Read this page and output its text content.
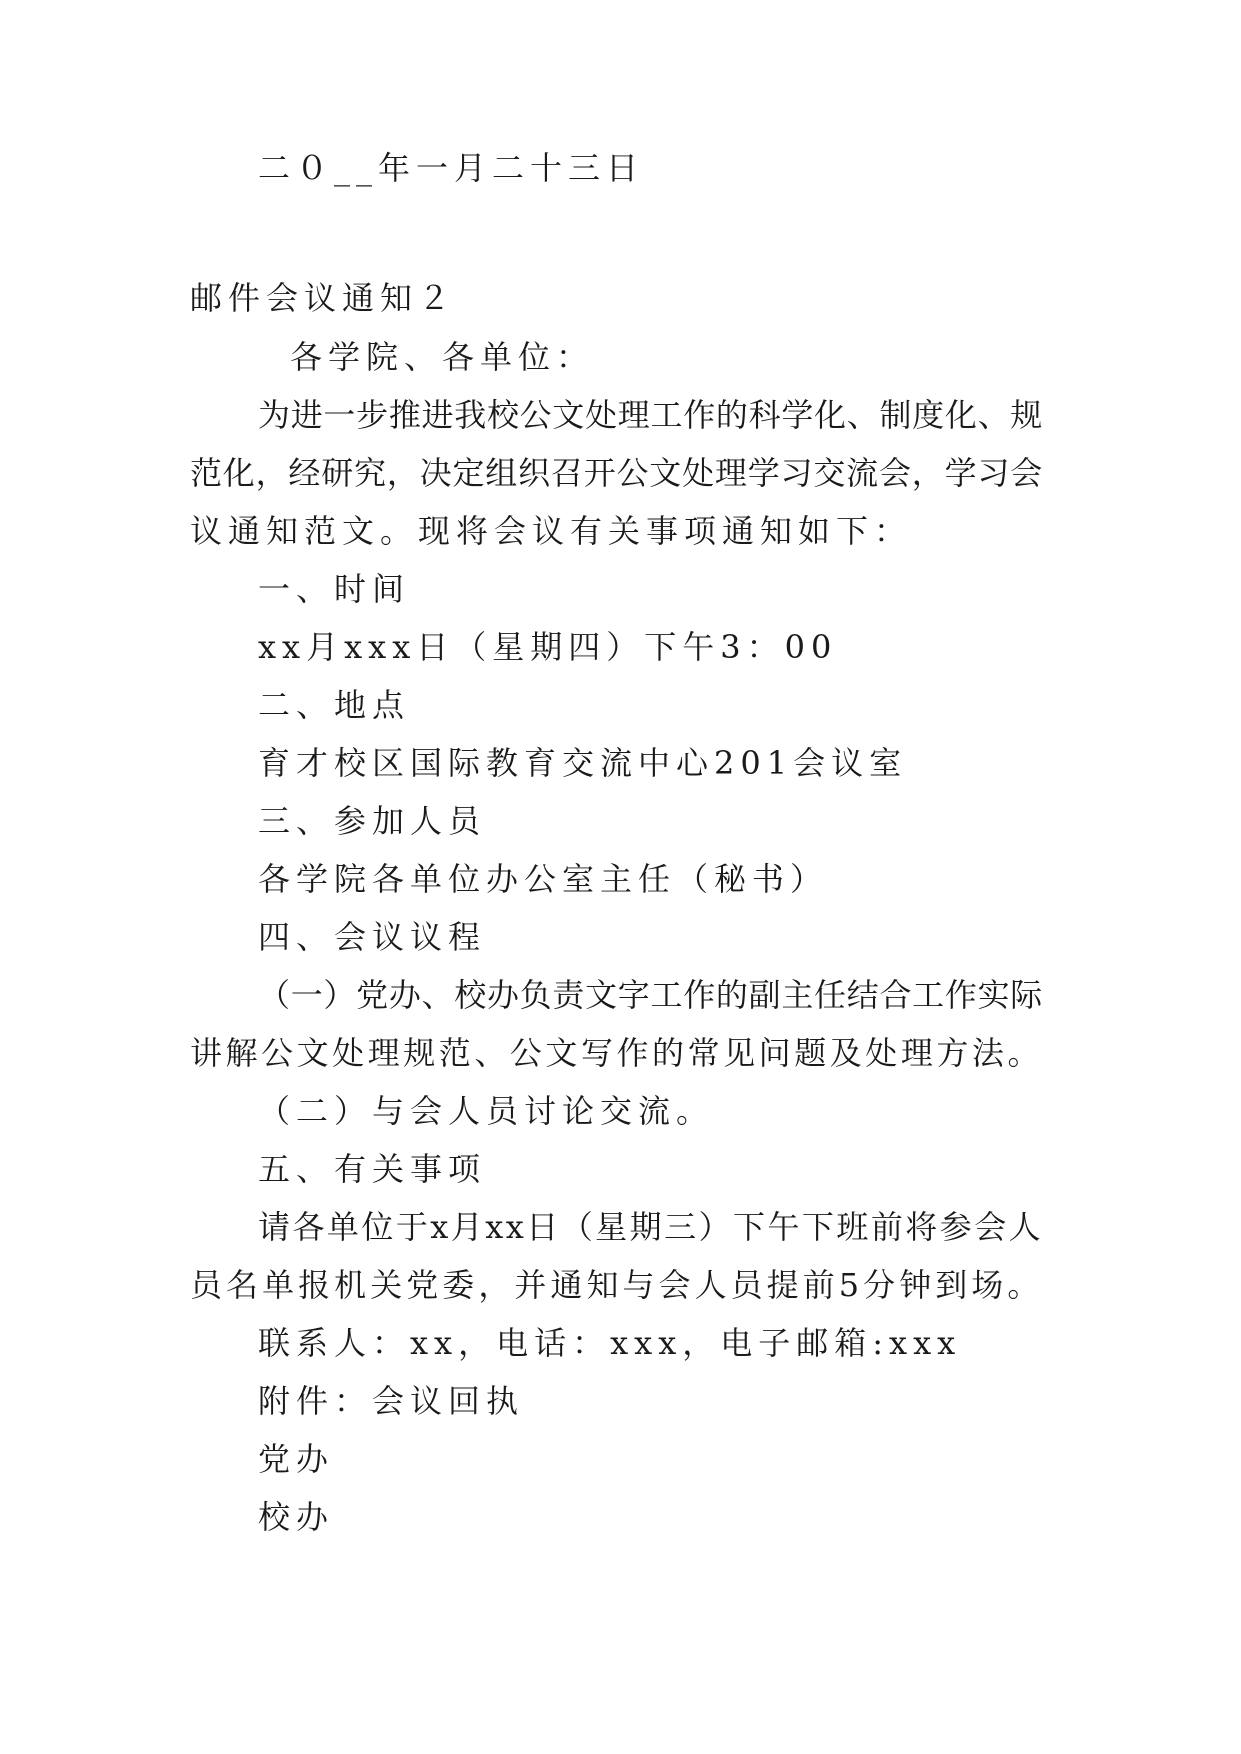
二０__年一月二十三日
邮件会议通知２
各学院、各单位：
为进一步推进我校公文处理工作的科学化、制度化、规
范化，经研究，决定组织召开公文处理学习交流会，学习会
议通知范文。现将会议有关事项通知如下：
一、时间
xx月xxx日（星期四）下午3：00
二、地点
育才校区国际教育交流中心201会议室
三、参加人员
各学院各单位办公室主任（秘书）
四、会议议程
（一）党办、校办负责文字工作的副主任结合工作实际
讲解公文处理规范、公文写作的常见问题及处理方法。
（二）与会人员讨论交流。
五、有关事项
请各单位于x月xx日（星期三）下午下班前将参会人
员名单报机关党委，并通知与会人员提前5分钟到场。
联系人：xx，电话：xxx，电子邮箱:xxx
附件：会议回执
党办
校办
